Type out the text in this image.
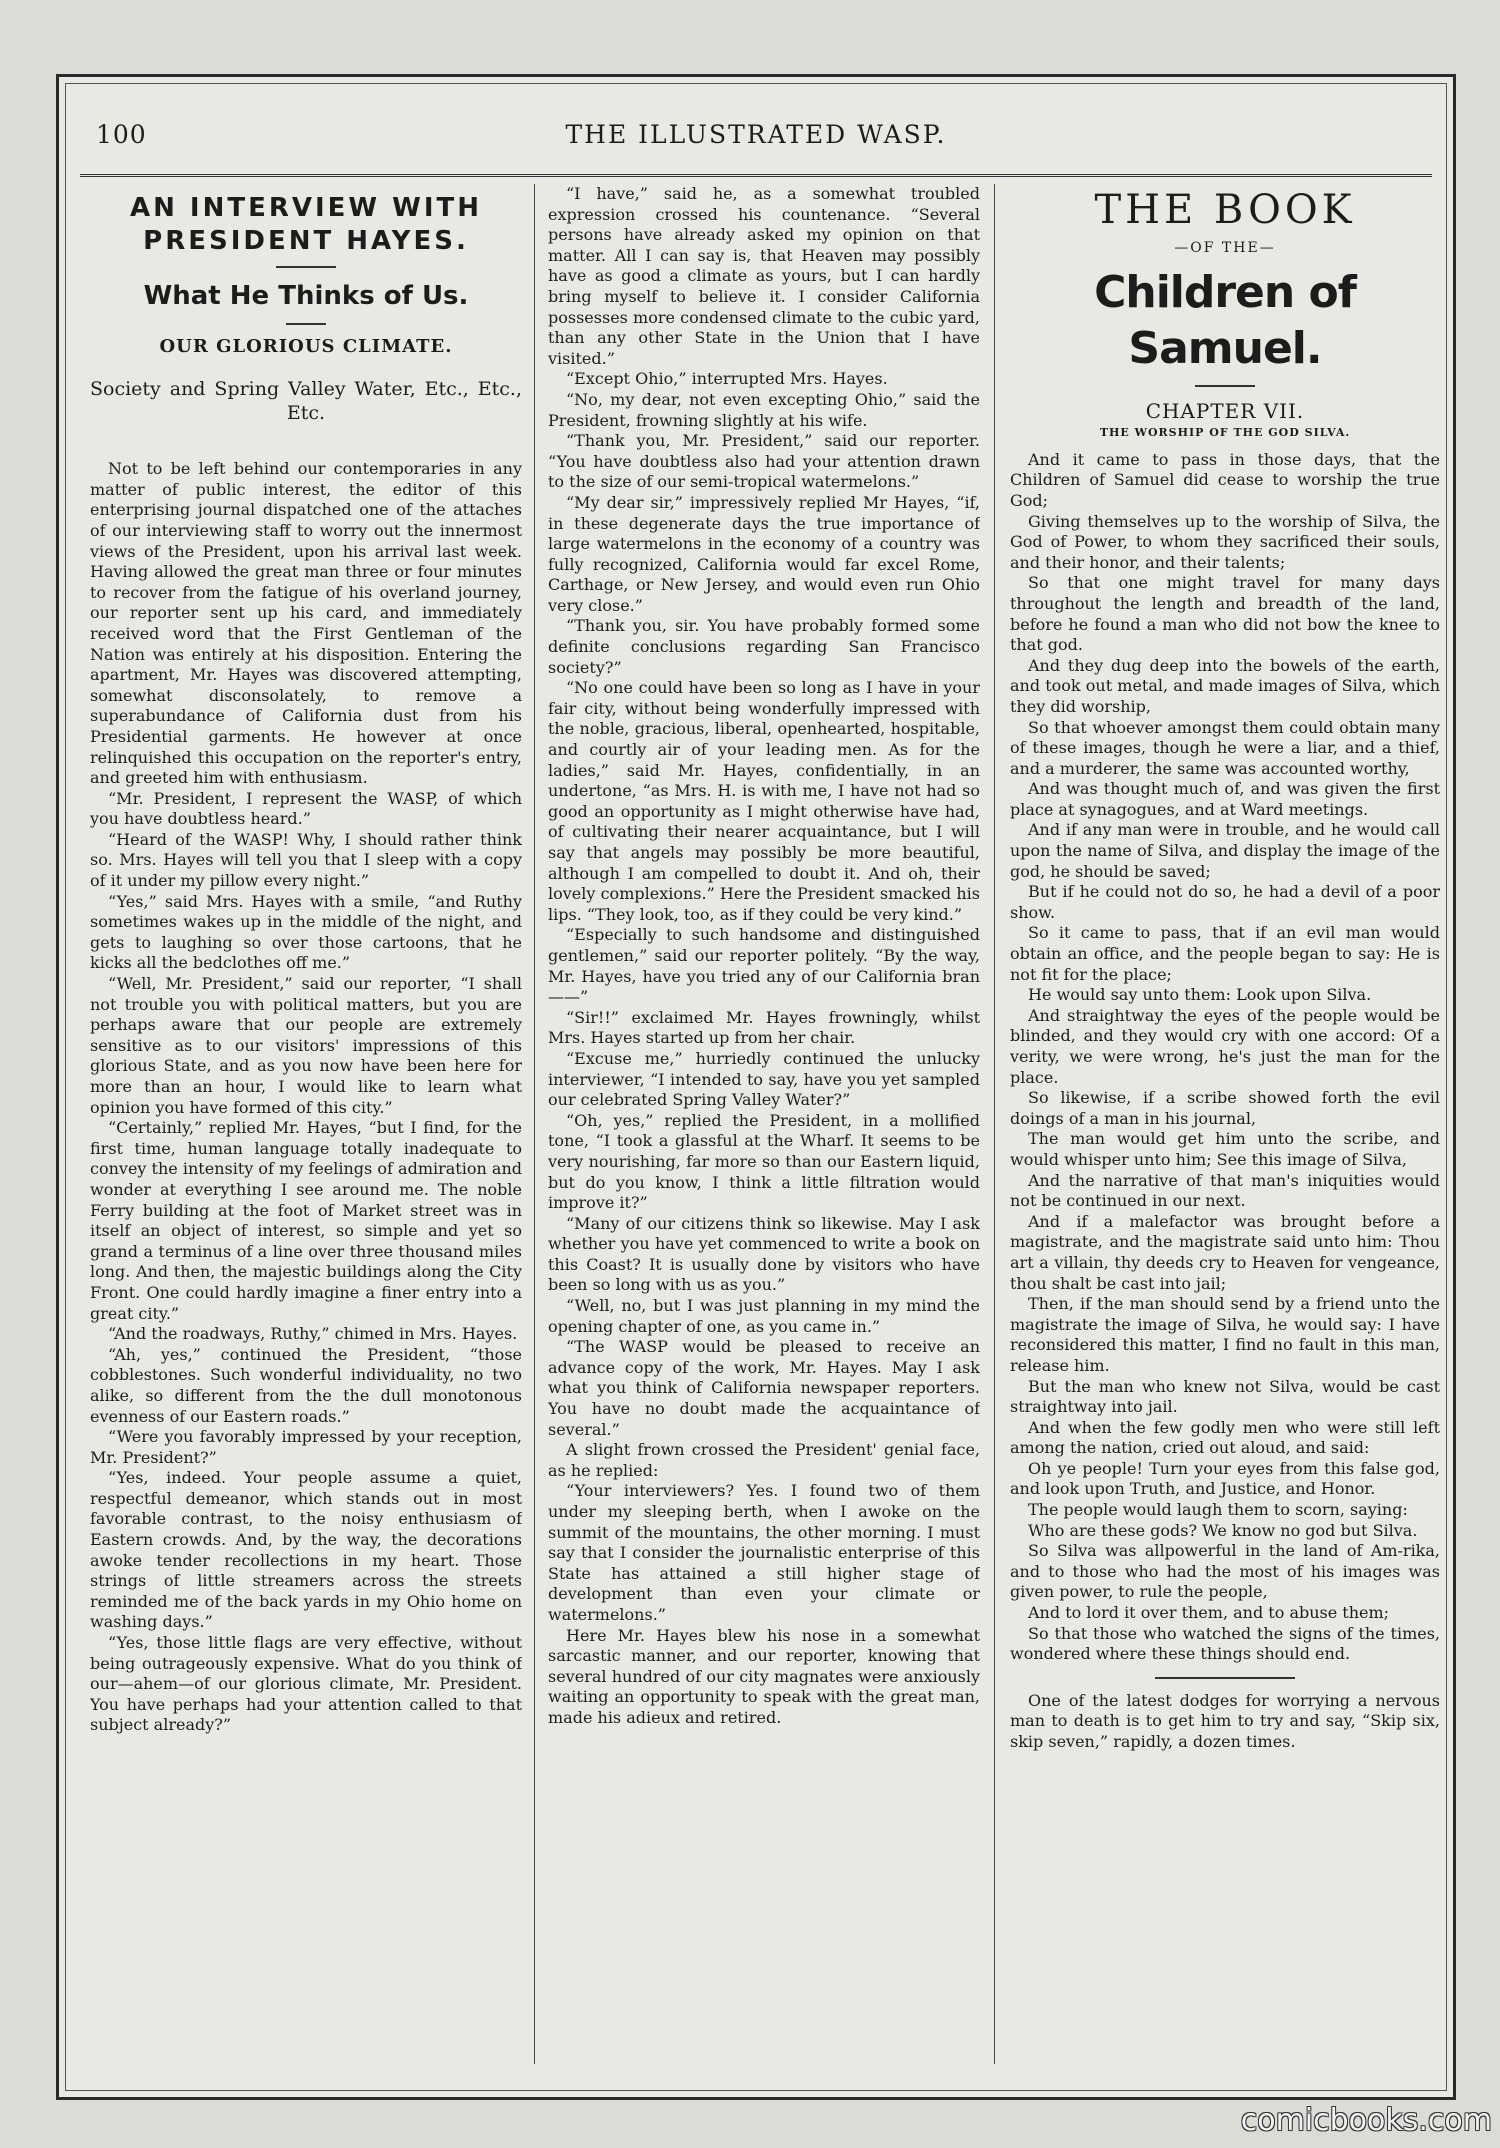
100	THE ILLUSTRATED WASP.
AN INTERVIEW WITH PRESIDENT HAYES.
What He Thinks of Us.
OUR GLORIOUS CLIMATE.
Society and Spring Valley Water, Etc., Etc., Etc.

Not to be left behind our contemporaries in any matter of public interest, the editor of this enterprising journal dispatched one of the attaches of our interviewing staff to worry out the innermost views of the President, upon his arrival last week. Having allowed the great man three or four minutes to recover from the fatigue of his overland journey, our reporter sent up his card, and immediately received word that the First Gentleman of the Nation was entirely at his disposition. Entering the apartment, Mr. Hayes was discovered attempting, somewhat disconsolately, to remove a superabundance of California dust from his Presidential garments. He however at once relinquished this occupation on the reporter's entry, and greeted him with enthusiasm.

“Mr. President, I represent the WASP, of which you have doubtless heard.”

“Heard of the WASP! Why, I should rather think so. Mrs. Hayes will tell you that I sleep with a copy of it under my pillow every night.”

“Yes,” said Mrs. Hayes with a smile, “and Ruthy sometimes wakes up in the middle of the night, and gets to laughing so over those cartoons, that he kicks all the bedclothes off me.”

“Well, Mr. President,” said our reporter, “I shall not trouble you with political matters, but you are perhaps aware that our people are extremely sensitive as to our visitors' impressions of this glorious State, and as you now have been here for more than an hour, I would like to learn what opinion you have formed of this city.”

“Certainly,” replied Mr. Hayes, “but I find, for the first time, human language totally inadequate to convey the intensity of my feelings of admiration and wonder at everything I see around me. The noble Ferry building at the foot of Market street was in itself an object of interest, so simple and yet so grand a terminus of a line over three thousand miles long. And then, the majestic buildings along the City Front. One could hardly imagine a finer entry into a great city.”

“And the roadways, Ruthy,” chimed in Mrs. Hayes.

“Ah, yes,” continued the President, “those cobblestones. Such wonderful individuality, no two alike, so different from the the dull monotonous evenness of our Eastern roads.”

“Were you favorably impressed by your reception, Mr. President?”

“Yes, indeed. Your people assume a quiet, respectful demeanor, which stands out in most favorable contrast, to the noisy enthusiasm of Eastern crowds. And, by the way, the decorations awoke tender recollections in my heart. Those strings of little streamers across the streets reminded me of the back yards in my Ohio home on washing days.”

“Yes, those little flags are very effective, without being outrageously expensive. What do you think of our—ahem—of our glorious climate, Mr. President. You have perhaps had your attention called to that subject already?”

“I have,” said he, as a somewhat troubled expression crossed his countenance. “Several persons have already asked my opinion on that matter. All I can say is, that Heaven may possibly have as good a climate as yours, but I can hardly bring myself to believe it. I consider California possesses more condensed climate to the cubic yard, than any other State in the Union that I have visited.”

“Except Ohio,” interrupted Mrs. Hayes.

“No, my dear, not even excepting Ohio,” said the President, frowning slightly at his wife.

“Thank you, Mr. President,” said our reporter. “You have doubtless also had your attention drawn to the size of our semi-tropical watermelons.”

“My dear sir,” impressively replied Mr Hayes, “if, in these degenerate days the true importance of large watermelons in the economy of a country was fully recognized, California would far excel Rome, Carthage, or New Jersey, and would even run Ohio very close.”

“Thank you, sir. You have probably formed some definite conclusions regarding San Francisco society?”

“No one could have been so long as I have in your fair city, without being wonderfully impressed with the noble, gracious, liberal, openhearted, hospitable, and courtly air of your leading men. As for the ladies,” said Mr. Hayes, confidentially, in an undertone, “as Mrs. H. is with me, I have not had so good an opportunity as I might otherwise have had, of cultivating their nearer acquaintance, but I will say that angels may possibly be more beautiful, although I am compelled to doubt it. And oh, their lovely complexions.” Here the President smacked his lips. “They look, too, as if they could be very kind.”

“Especially to such handsome and distinguished gentlemen,” said our reporter politely. “By the way, Mr. Hayes, have you tried any of our California bran——”

“Sir!!” exclaimed Mr. Hayes frowningly, whilst Mrs. Hayes started up from her chair.

“Excuse me,” hurriedly continued the unlucky interviewer, “I intended to say, have you yet sampled our celebrated Spring Valley Water?”

“Oh, yes,” replied the President, in a mollified tone, “I took a glassful at the Wharf. It seems to be very nourishing, far more so than our Eastern liquid, but do you know, I think a little filtration would improve it?”

“Many of our citizens think so likewise. May I ask whether you have yet commenced to write a book on this Coast? It is usually done by visitors who have been so long with us as you.”

“Well, no, but I was just planning in my mind the opening chapter of one, as you came in.”

“The WASP would be pleased to receive an advance copy of the work, Mr. Hayes. May I ask what you think of California newspaper reporters. You have no doubt made the acquaintance of several.”

A slight frown crossed the President' genial face, as he replied:

“Your interviewers? Yes. I found two of them under my sleeping berth, when I awoke on the summit of the mountains, the other morning. I must say that I consider the journalistic enterprise of this State has attained a still higher stage of development than even your climate or watermelons.”

Here Mr. Hayes blew his nose in a somewhat sarcastic manner, and our reporter, knowing that several hundred of our city magnates were anxiously waiting an opportunity to speak with the great man, made his adieux and retired.

THE BOOK
—OF THE—
Children of Samuel.
CHAPTER VII.
THE WORSHIP OF THE GOD SILVA.

And it came to pass in those days, that the Children of Samuel did cease to worship the true God;

Giving themselves up to the worship of Silva, the God of Power, to whom they sacrificed their souls, and their honor, and their talents;

So that one might travel for many days throughout the length and breadth of the land, before he found a man who did not bow the knee to that god.

And they dug deep into the bowels of the earth, and took out metal, and made images of Silva, which they did worship,

So that whoever amongst them could obtain many of these images, though he were a liar, and a thief, and a murderer, the same was accounted worthy,

And was thought much of, and was given the first place at synagogues, and at Ward meetings.

And if any man were in trouble, and he would call upon the name of Silva, and display the image of the god, he should be saved;

But if he could not do so, he had a devil of a poor show.

So it came to pass, that if an evil man would obtain an office, and the people began to say: He is not fit for the place;

He would say unto them: Look upon Silva.

And straightway the eyes of the people would be blinded, and they would cry with one accord: Of a verity, we were wrong, he's just the man for the place.

So likewise, if a scribe showed forth the evil doings of a man in his journal,

The man would get him unto the scribe, and would whisper unto him; See this image of Silva,

And the narrative of that man's iniquities would not be continued in our next.

And if a malefactor was brought before a magistrate, and the magistrate said unto him: Thou art a villain, thy deeds cry to Heaven for vengeance, thou shalt be cast into jail;

Then, if the man should send by a friend unto the magistrate the image of Silva, he would say: I have reconsidered this matter, I find no fault in this man, release him.

But the man who knew not Silva, would be cast straightway into jail.

And when the few godly men who were still left among the nation, cried out aloud, and said:

Oh ye people! Turn your eyes from this false god, and look upon Truth, and Justice, and Honor.

The people would laugh them to scorn, saying:

Who are these gods? We know no god but Silva.

So Silva was allpowerful in the land of Am-rika, and to those who had the most of his images was given power, to rule the people,

And to lord it over them, and to abuse them;

So that those who watched the signs of the times, wondered where these things should end.

One of the latest dodges for worrying a nervous man to death is to get him to try and say, “Skip six, skip seven,” rapidly, a dozen times.

comicbooks.com
